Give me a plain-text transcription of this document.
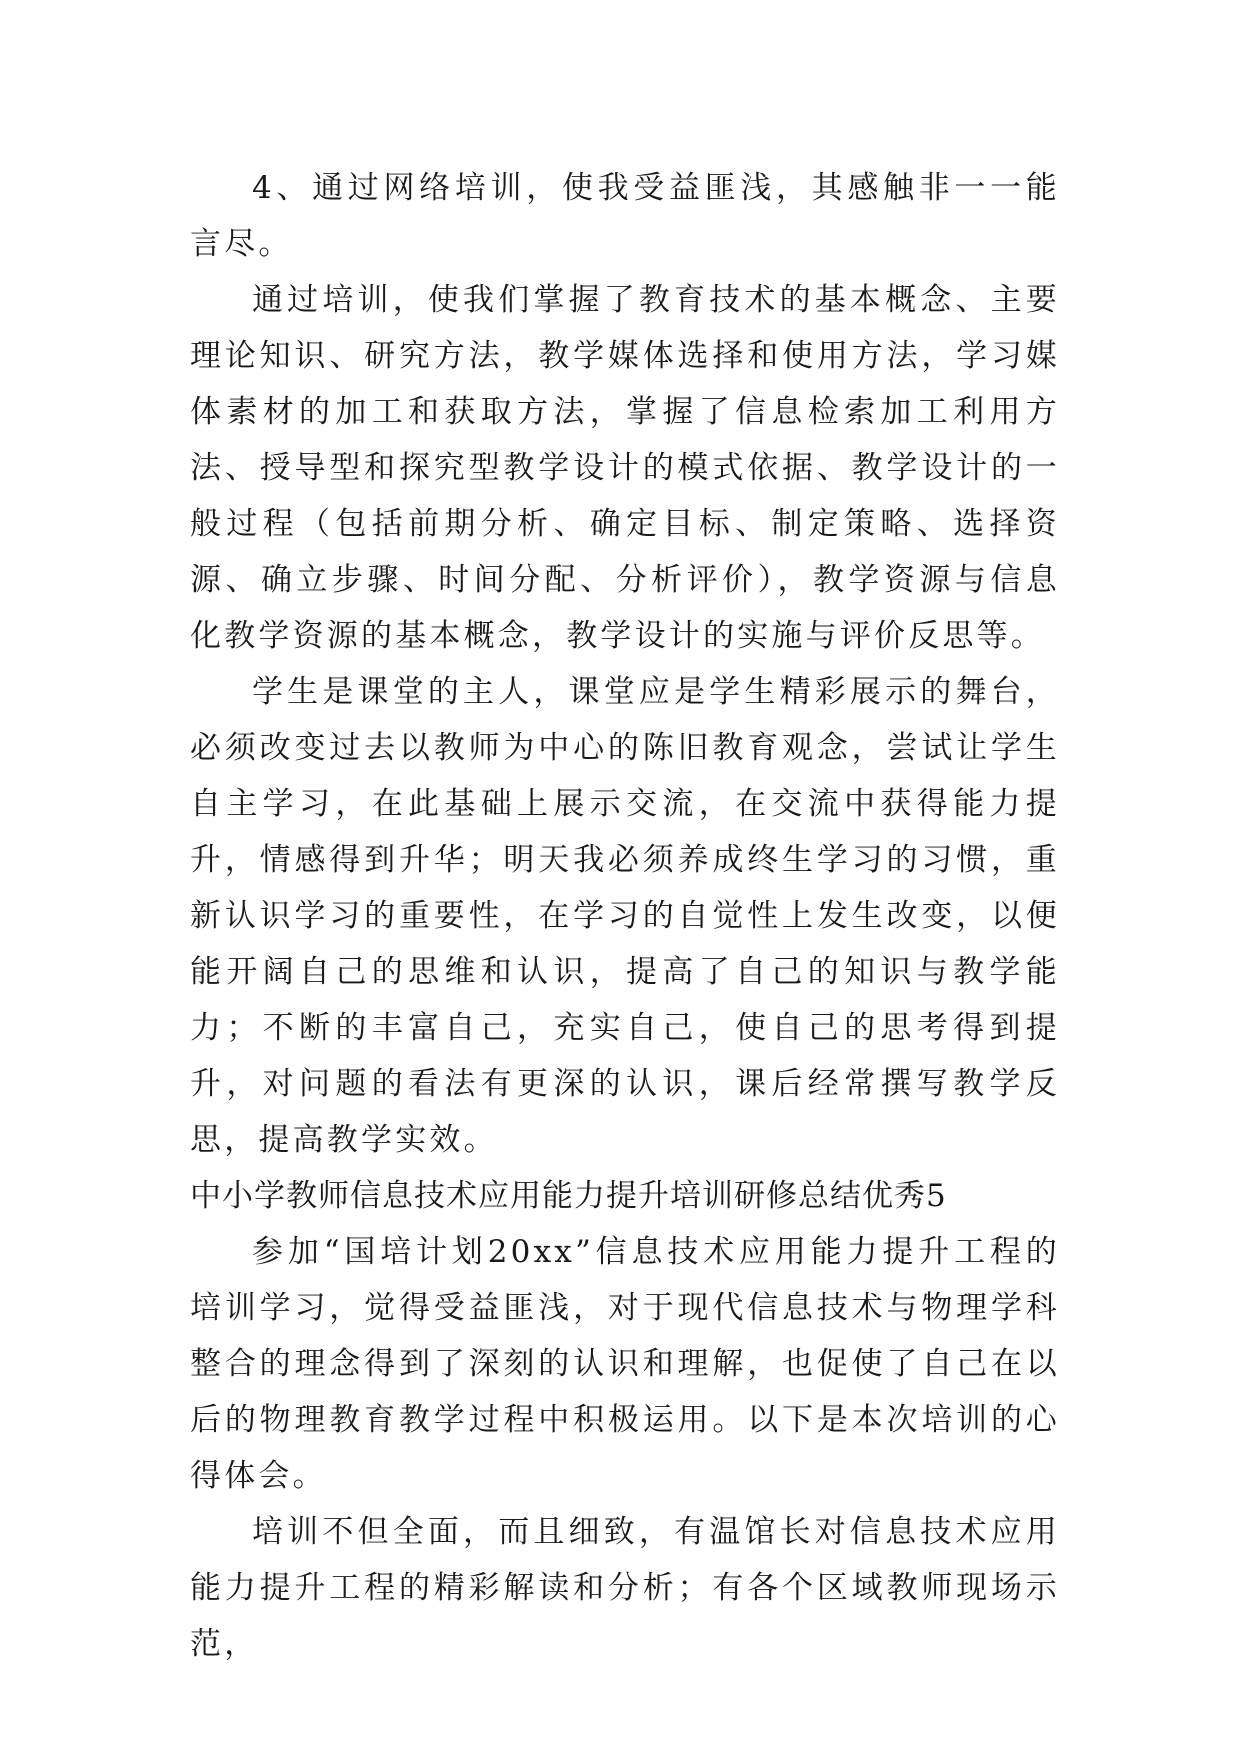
4、通过网络培训，使我受益匪浅，其感触非一一能言尽。

通过培训，使我们掌握了教育技术的基本概念、主要理论知识、研究方法，教学媒体选择和使用方法，学习媒体素材的加工和获取方法，掌握了信息检索加工利用方法、授导型和探究型教学设计的模式依据、教学设计的一般过程（包括前期分析、确定目标、制定策略、选择资源、确立步骤、时间分配、分析评价），教学资源与信息化教学资源的基本概念，教学设计的实施与评价反思等。

学生是课堂的主人，课堂应是学生精彩展示的舞台，必须改变过去以教师为中心的陈旧教育观念，尝试让学生自主学习，在此基础上展示交流，在交流中获得能力提升，情感得到升华；明天我必须养成终生学习的习惯，重新认识学习的重要性，在学习的自觉性上发生改变，以便能开阔自己的思维和认识，提高了自己的知识与教学能力；不断的丰富自己，充实自己，使自己的思考得到提升，对问题的看法有更深的认识，课后经常撰写教学反思，提高教学实效。

中小学教师信息技术应用能力提升培训研修总结优秀5

参加“国培计划20xx”信息技术应用能力提升工程的培训学习，觉得受益匪浅，对于现代信息技术与物理学科整合的理念得到了深刻的认识和理解，也促使了自己在以后的物理教育教学过程中积极运用。以下是本次培训的心得体会。

培训不但全面，而且细致，有温馆长对信息技术应用能力提升工程的精彩解读和分析；有各个区域教师现场示范，
